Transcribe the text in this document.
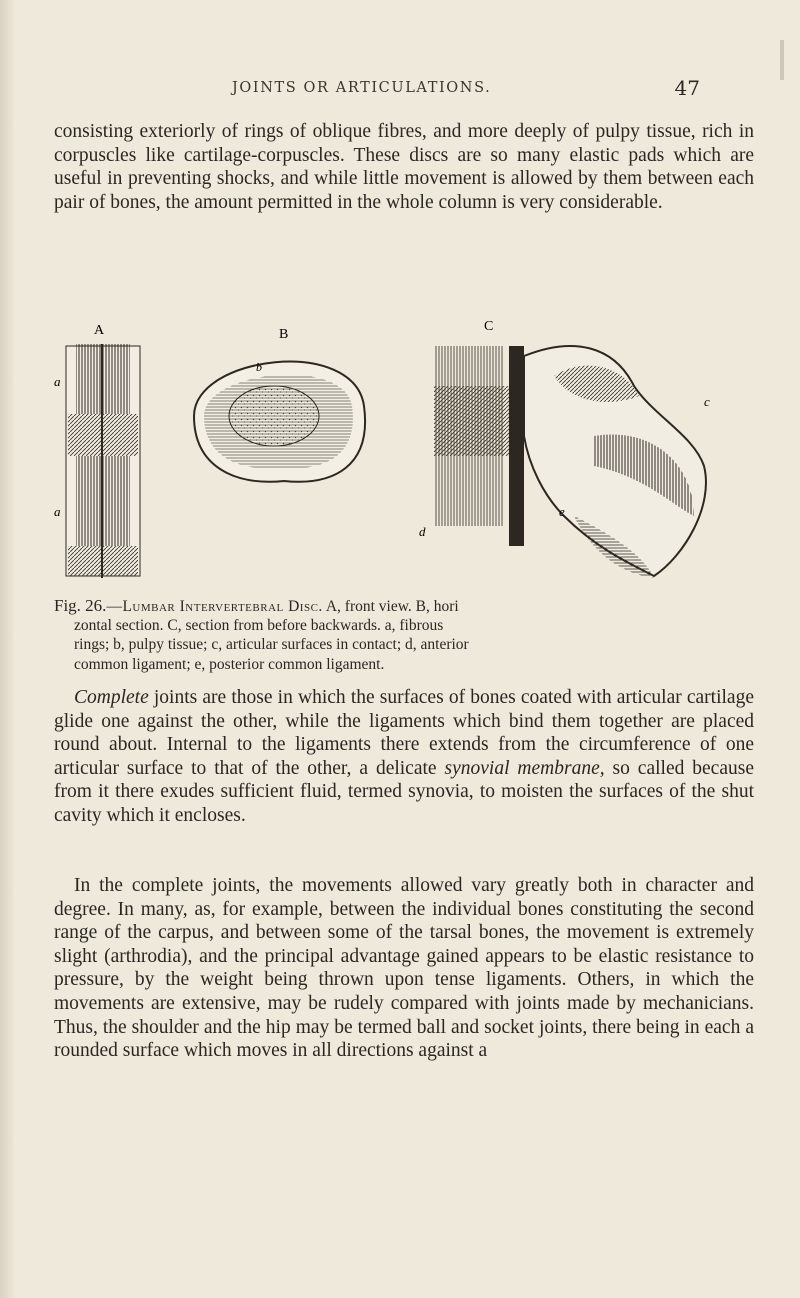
JOINTS OR ARTICULATIONS.	47

consisting exteriorly of rings of oblique fibres, and more deeply of pulpy tissue, rich in corpuscles like cartilage-corpuscles. These discs are so many elastic pads which are useful in preventing shocks, and while little movement is allowed by them between each pair of bones, the amount permitted in the whole column is very considerable.

A	B
C
a
a
b
c
d
e

Fig. 26.—Lumbar Intervertebral Disc. A, front view. B, hori
zontal section. C, section from before backwards. a, fibrous
rings; b, pulpy tissue; c, articular surfaces in contact; d, anterior
common ligament; e, posterior common ligament.

Complete joints are those in which the surfaces of bones coated with articular cartilage glide one against the other, while the ligaments which bind them together are placed round about. Internal to the ligaments there extends from the circumference of one articular surface to that of the other, a delicate synovial membrane, so called because from it there exudes sufficient fluid, termed synovia, to moisten the surfaces of the shut cavity which it encloses.

In the complete joints, the movements allowed vary greatly both in character and degree. In many, as, for example, between the individual bones constituting the second range of the carpus, and between some of the tarsal bones, the movement is extremely slight (arthrodia), and the principal advantage gained appears to be elastic resistance to pressure, by the weight being thrown upon tense ligaments. Others, in which the movements are extensive, may be rudely compared with joints made by mechanicians. Thus, the shoulder and the hip may be termed ball and socket joints, there being in each a rounded surface which moves in all directions against a
